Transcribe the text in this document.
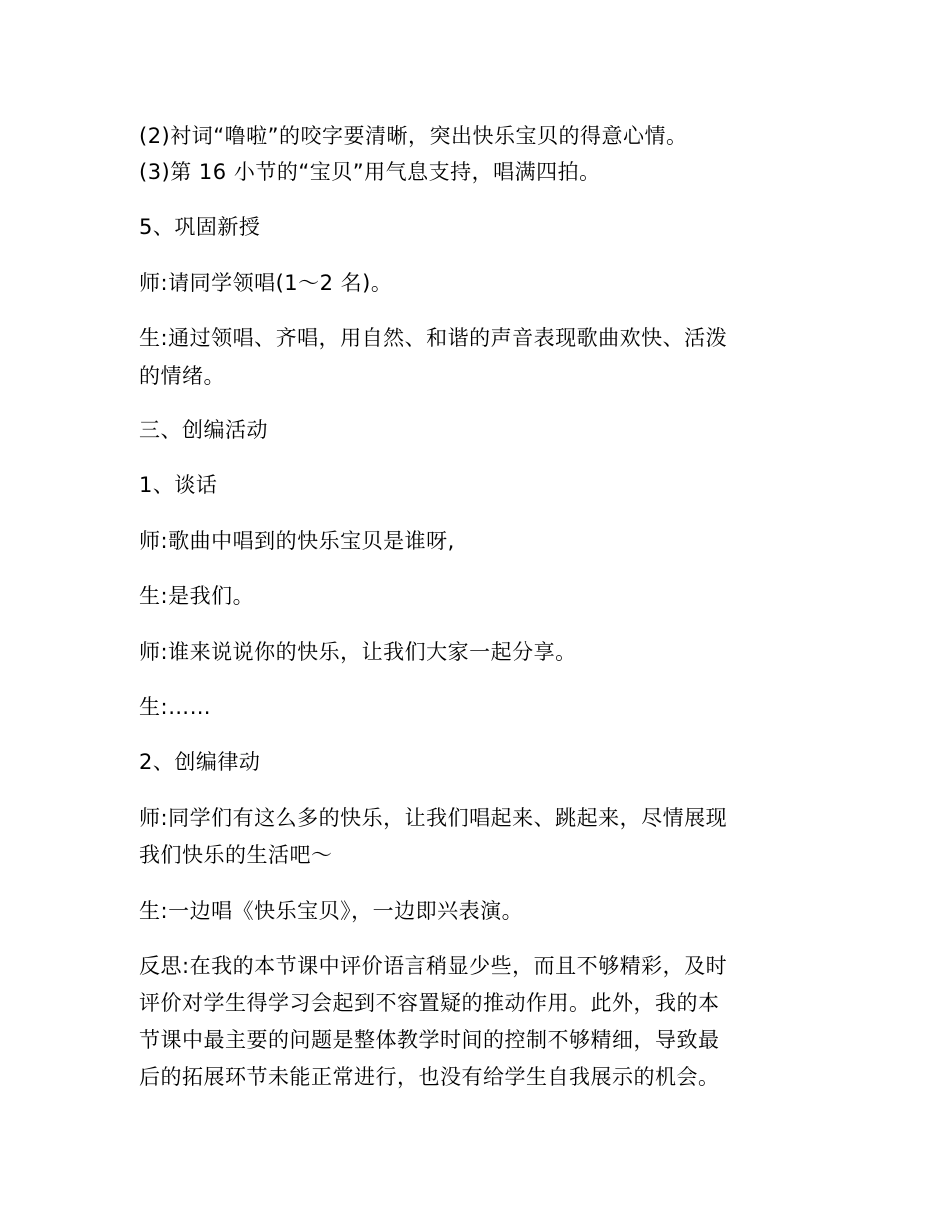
(2)衬词“噜啦”的咬字要清晰，突出快乐宝贝的得意心情。
(3)第 16 小节的“宝贝”用气息支持，唱满四拍。
5、巩固新授
师:请同学领唱(1～2 名)。
生:通过领唱、齐唱，用自然、和谐的声音表现歌曲欢快、活泼
的情绪。
三、创编活动
1、谈话
师:歌曲中唱到的快乐宝贝是谁呀,
生:是我们。
师:谁来说说你的快乐，让我们大家一起分享。
生:……
2、创编律动
师:同学们有这么多的快乐，让我们唱起来、跳起来，尽情展现
我们快乐的生活吧～
生:一边唱《快乐宝贝》，一边即兴表演。
反思:在我的本节课中评价语言稍显少些，而且不够精彩，及时
评价对学生得学习会起到不容置疑的推动作用。此外，我的本
节课中最主要的问题是整体教学时间的控制不够精细，导致最
后的拓展环节未能正常进行，也没有给学生自我展示的机会。
